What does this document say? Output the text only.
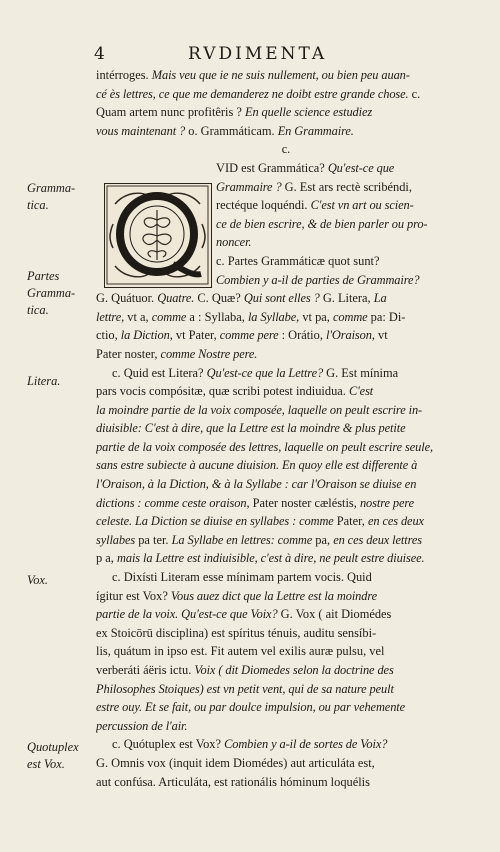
4	RVDIMENTA
Gramma-
tica.
Partes
Gramma-
tica.
Litera.
Vox.
Quotuplex
est Vox.
intérroges. Mais veu que ie ne suis nullement, ou bien peu auan-
cé ès lettres, ce que me demanderez ne doibt estre grande chose. c.
Quam artem nunc profitêris ? En quelle science estudiez
vous maintenant ? o. Grammáticam. En Grammaire.
c.
VID est Grammática? Qu'est-ce que
Grammaire ? G. Est ars rectè scribéndi,
rectéque loquéndi. C'est vn art ou scien-
ce de bien escrire, & de bien parler ou pro-
noncer.
c. Partes Grammáticæ quot sunt?
Combien y a-il de parties de Grammaire?
G. Quátuor. Quatre. C. Quæ? Qui sont elles ? G. Litera, La
lettre, vt a, comme a : Syllaba, la Syllabe, vt pa, comme pa: Di-
ctio, la Diction, vt Pater, comme pere : Orátio, l'Oraison, vt
Pater noster, comme Nostre pere.
c. Quid est Litera? Qu'est-ce que la Lettre? G. Est mínima
pars vocis compósitæ, quæ scribi potest indiuidua. C'est
la moindre partie de la voix composée, laquelle on peult escrire in-
diuisible: C'est à dire, que la Lettre est la moindre & plus petite
partie de la voix composée des lettres, laquelle on peult escrire seule,
sans estre subiecte à aucune diuision. En quoy elle est differente à
l'Oraison, à la Diction, & à la Syllabe : car l'Oraison se diuise en
dictions : comme ceste oraison, Pater noster cæléstis, nostre pere
celeste. La Diction se diuise en syllabes : comme Pater, en ces deux
syllabes pa ter. La Syllabe en lettres: comme pa, en ces deux lettres
p a, mais la Lettre est indiuisible, c'est à dire, ne peult estre diuisee.
c. Dixísti Literam esse mínimam partem vocis. Quid
ígitur est Vox? Vous auez dict que la Lettre est la moindre
partie de la voix. Qu'est-ce que Voix? G. Vox ( ait Diomédes
ex Stoicōrū disciplina) est spíritus ténuis, auditu sensíbi-
lis, quátum in ipso est. Fit autem vel exilis auræ pulsu, vel
verberáti áëris ictu. Voix ( dit Diomedes selon la doctrine des
Philosophes Stoiques) est vn petit vent, qui de sa nature peult
estre ouy. Et se fait, ou par doulce impulsion, ou par vehemente
percussion de l'air.
c. Quótuplex est Vox? Combien y a-il de sortes de Voix?
G. Omnis vox (inquit idem Diomédes) aut articuláta est,
aut confúsa. Articuláta, est rationális hóminum loquélis
